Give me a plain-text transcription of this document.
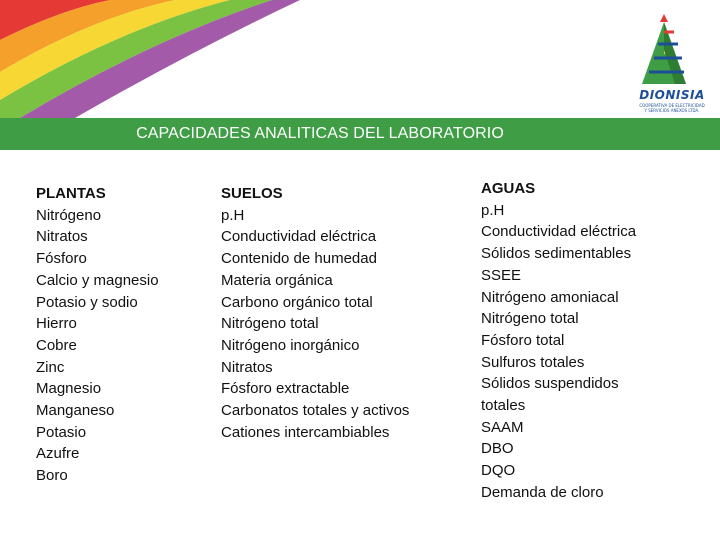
CAPACIDADES ANALITICAS DEL LABORATORIO
DIONISIA
COOPERATIVA DE ELECTRICIDAD
Y SERVICIOS ANEXOS LTDA.
PLANTAS
Nitrógeno
Nitratos
Fósforo
Calcio y magnesio
Potasio y sodio
Hierro
Cobre
Zinc
Magnesio
Manganeso
Potasio
Azufre
Boro
SUELOS
p.H
Conductividad eléctrica
Contenido de humedad
Materia orgánica
Carbono orgánico total
Nitrógeno total
Nitrógeno inorgánico
Nitratos
Fósforo extractable
Carbonatos totales y activos
Cationes intercambiables
AGUAS
p.H
Conductividad eléctrica
Sólidos sedimentables
SSEE
Nitrógeno amoniacal
Nitrógeno total
Fósforo total
Sulfuros totales
Sólidos suspendidos
totales
SAAM
DBO
DQO
Demanda de cloro
